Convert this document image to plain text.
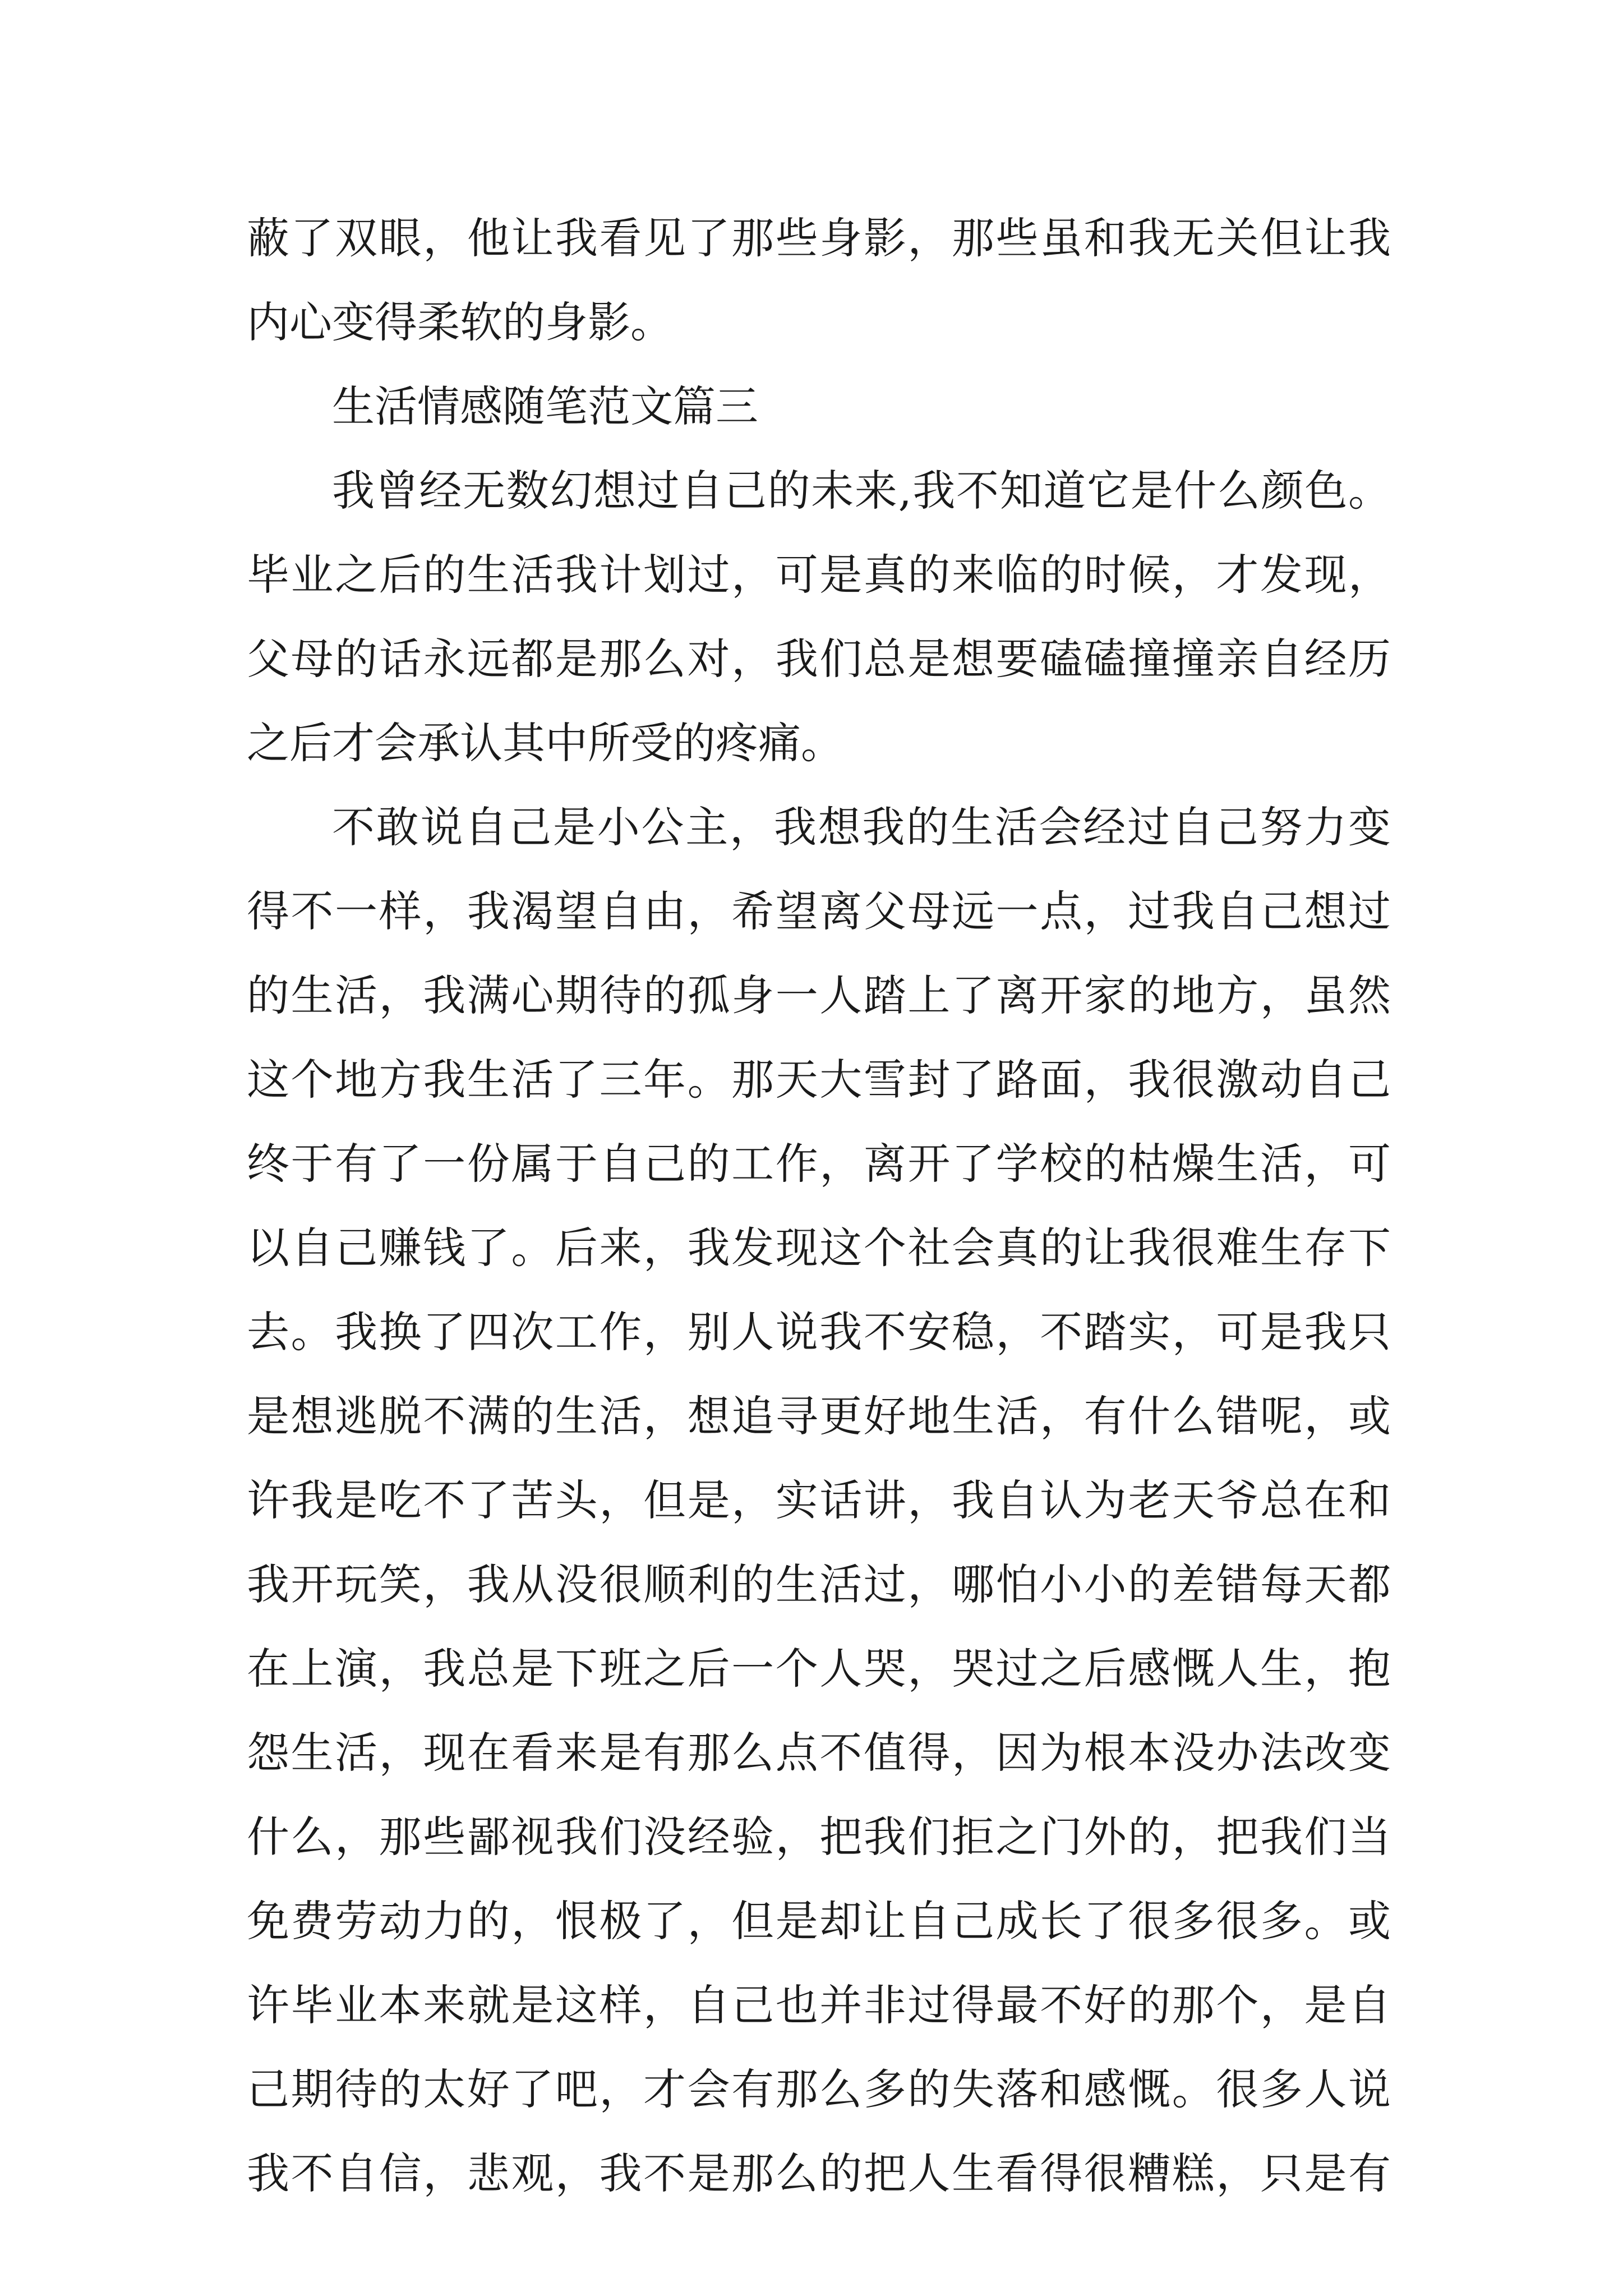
蔽了双眼，他让我看见了那些身影，那些虽和我无关但让我
内心变得柔软的身影。
生活情感随笔范文篇三
我曾经无数幻想过自己的未来,我不知道它是什么颜色。
毕业之后的生活我计划过，可是真的来临的时候，才发现，
父母的话永远都是那么对，我们总是想要磕磕撞撞亲自经历
之后才会承认其中所受的疼痛。
不敢说自己是小公主，我想我的生活会经过自己努力变
得不一样，我渴望自由，希望离父母远一点，过我自己想过
的生活，我满心期待的孤身一人踏上了离开家的地方，虽然
这个地方我生活了三年。那天大雪封了路面，我很激动自己
终于有了一份属于自己的工作，离开了学校的枯燥生活，可
以自己赚钱了。后来，我发现这个社会真的让我很难生存下
去。我换了四次工作，别人说我不安稳，不踏实，可是我只
是想逃脱不满的生活，想追寻更好地生活，有什么错呢，或
许我是吃不了苦头，但是，实话讲，我自认为老天爷总在和
我开玩笑，我从没很顺利的生活过，哪怕小小的差错每天都
在上演，我总是下班之后一个人哭，哭过之后感慨人生，抱
怨生活，现在看来是有那么点不值得，因为根本没办法改变
什么，那些鄙视我们没经验，把我们拒之门外的，把我们当
免费劳动力的，恨极了，但是却让自己成长了很多很多。或
许毕业本来就是这样，自己也并非过得最不好的那个，是自
己期待的太好了吧，才会有那么多的失落和感慨。很多人说
我不自信，悲观，我不是那么的把人生看得很糟糕，只是有
